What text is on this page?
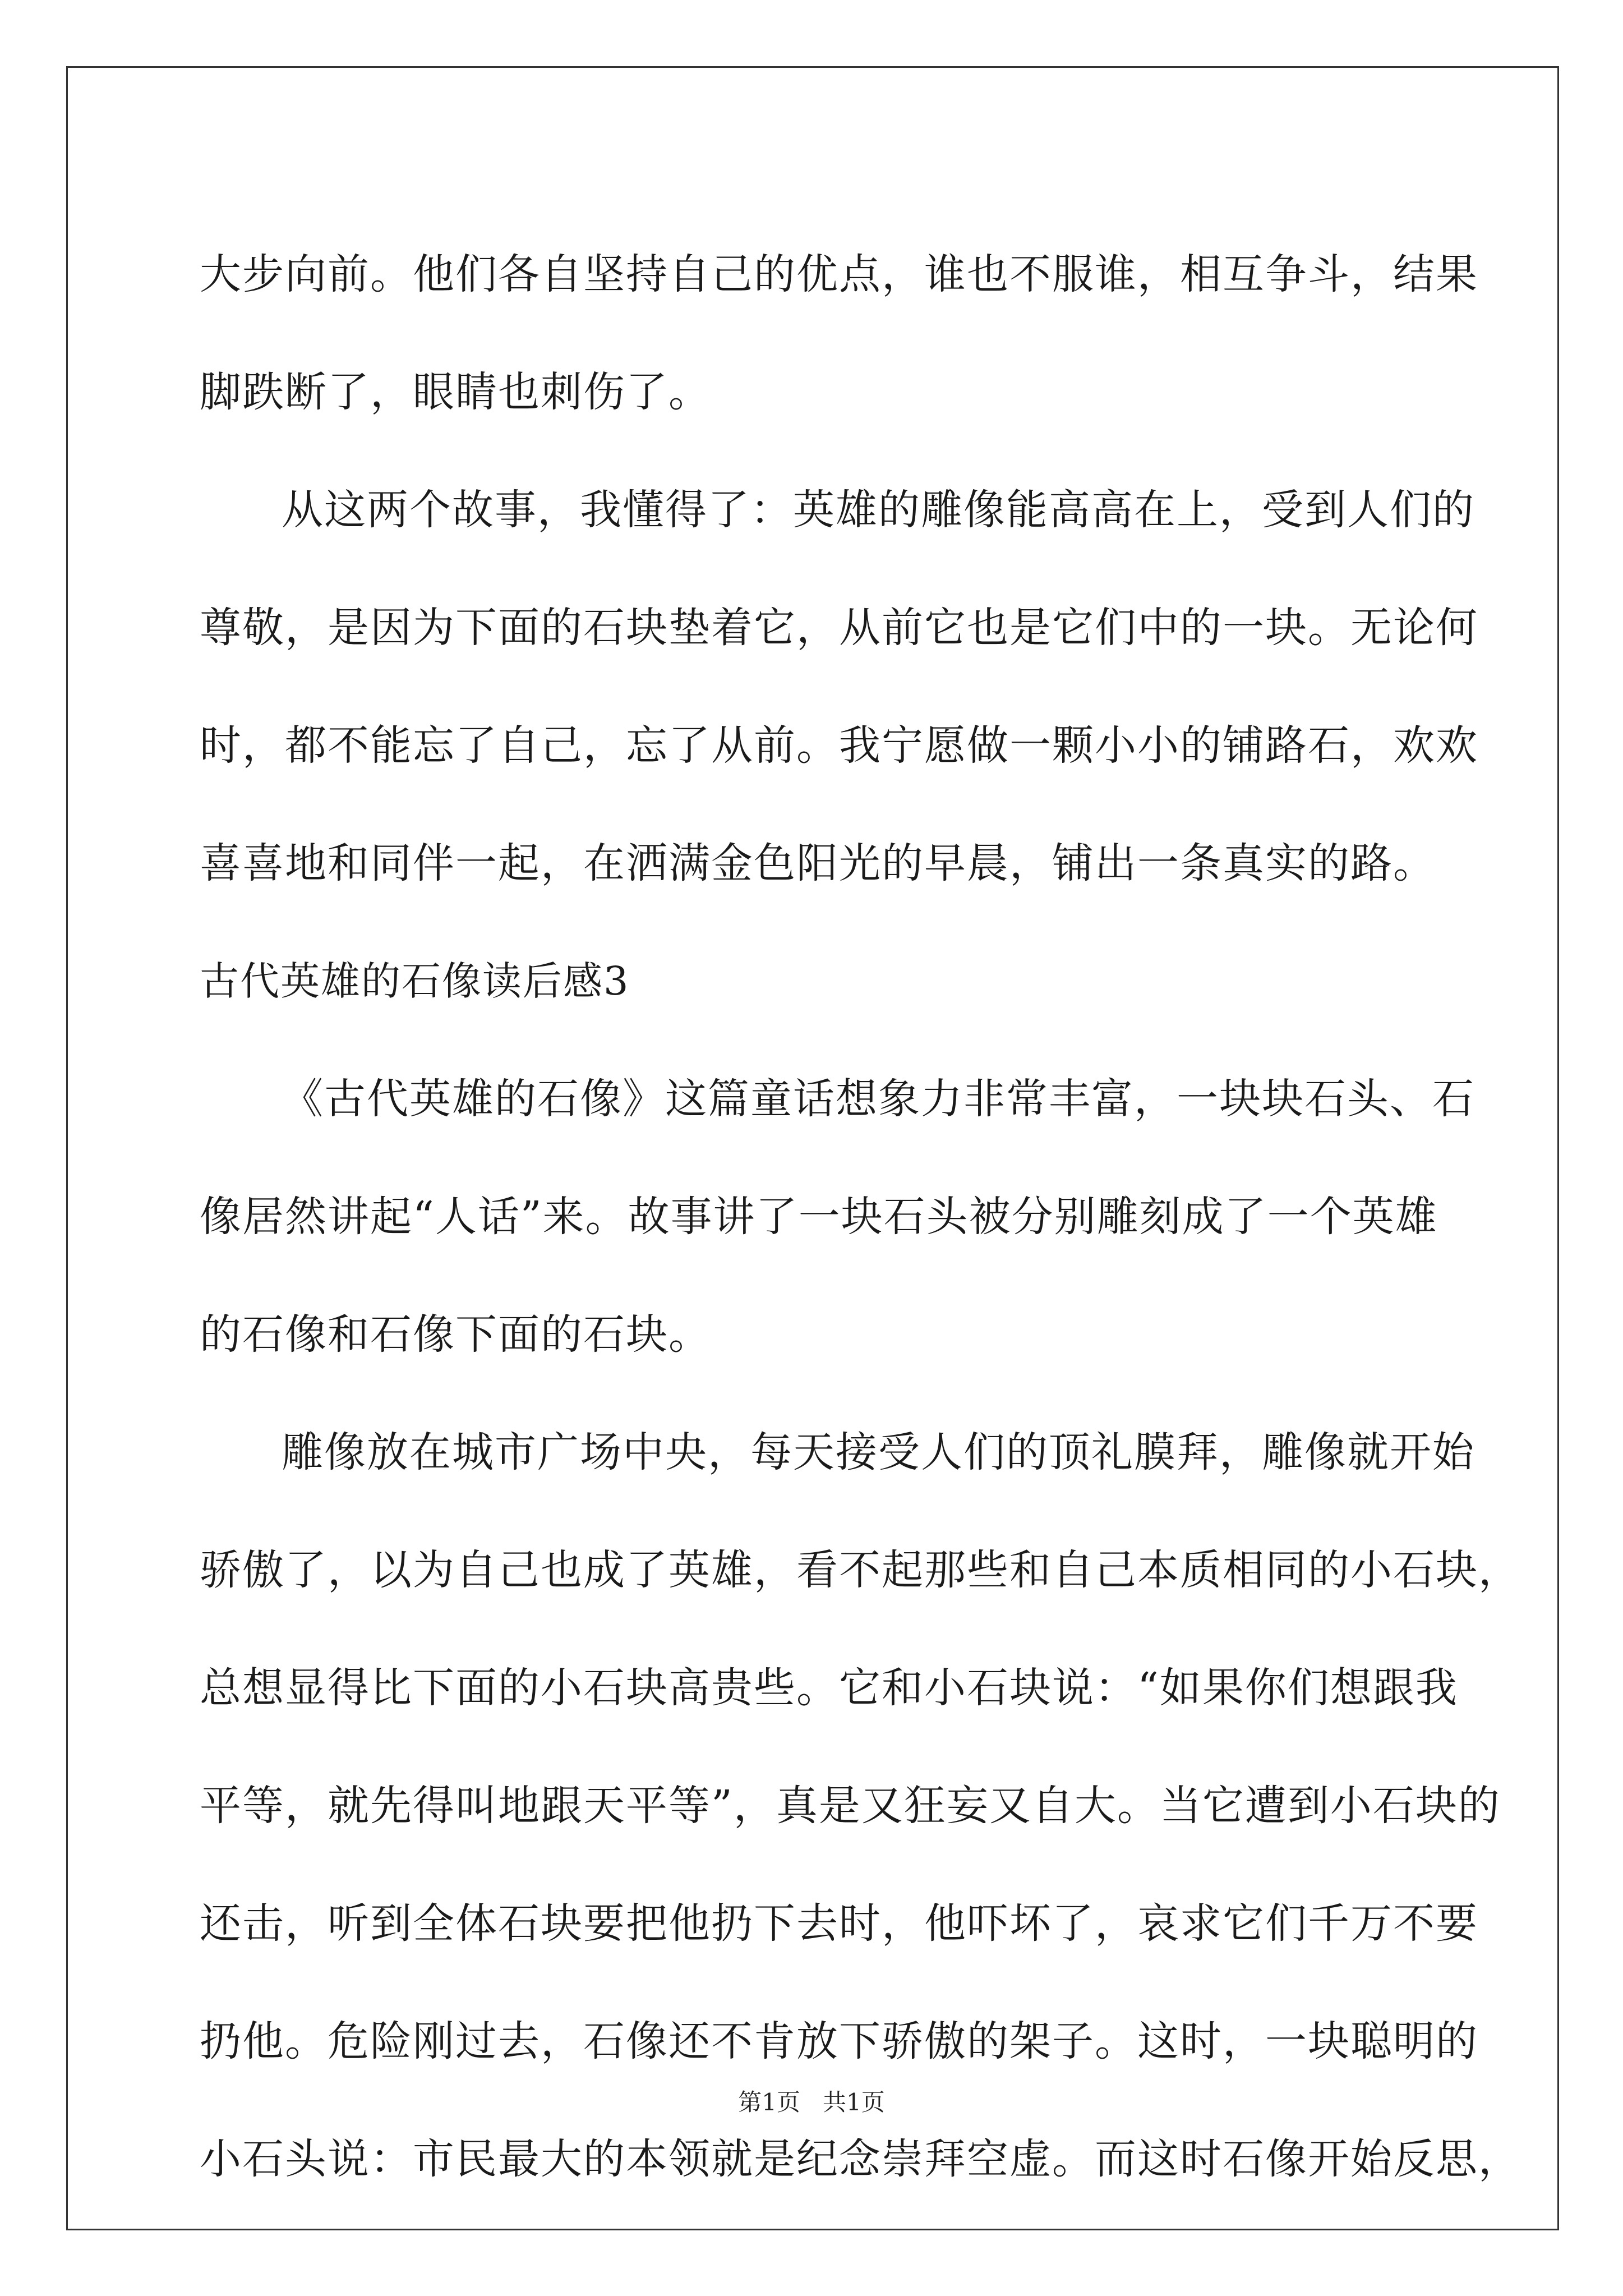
大步向前。他们各自坚持自己的优点，谁也不服谁，相互争斗，结果
脚跌断了，眼睛也刺伤了。
从这两个故事，我懂得了：英雄的雕像能高高在上，受到人们的
尊敬，是因为下面的石块垫着它，从前它也是它们中的一块。无论何
时，都不能忘了自己，忘了从前。我宁愿做一颗小小的铺路石，欢欢
喜喜地和同伴一起，在洒满金色阳光的早晨，铺出一条真实的路。
古代英雄的石像读后感3
《古代英雄的石像》这篇童话想象力非常丰富，一块块石头、石
像居然讲起“人话”来。故事讲了一块石头被分别雕刻成了一个英雄
的石像和石像下面的石块。
雕像放在城市广场中央，每天接受人们的顶礼膜拜，雕像就开始
骄傲了，以为自己也成了英雄，看不起那些和自己本质相同的小石块，
总想显得比下面的小石块高贵些。它和小石块说：“如果你们想跟我
平等，就先得叫地跟天平等”，真是又狂妄又自大。当它遭到小石块的
还击，听到全体石块要把他扔下去时，他吓坏了，哀求它们千万不要
扔他。危险刚过去，石像还不肯放下骄傲的架子。这时，一块聪明的
小石头说：市民最大的本领就是纪念崇拜空虚。而这时石像开始反思，
第1页   共1页
